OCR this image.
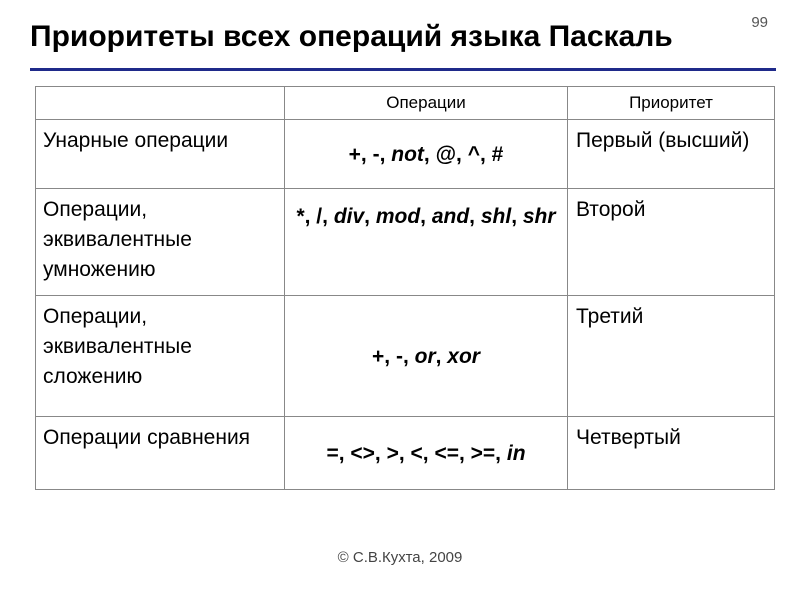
99
Приоритеты всех операций языка Паскаль
	Операции	Приоритет
Унарные операции	+, -, not, @, ^, #	Первый (высший)
Операции, эквивалентные умножению	*, /, div, mod, and, shl, shr	Второй
Операции, эквивалентные сложению	+, -, or, xor	Третий
Операции сравнения	=, <>, >, <, <=, >=, in	Четвертый
© С.В.Кухта, 2009
